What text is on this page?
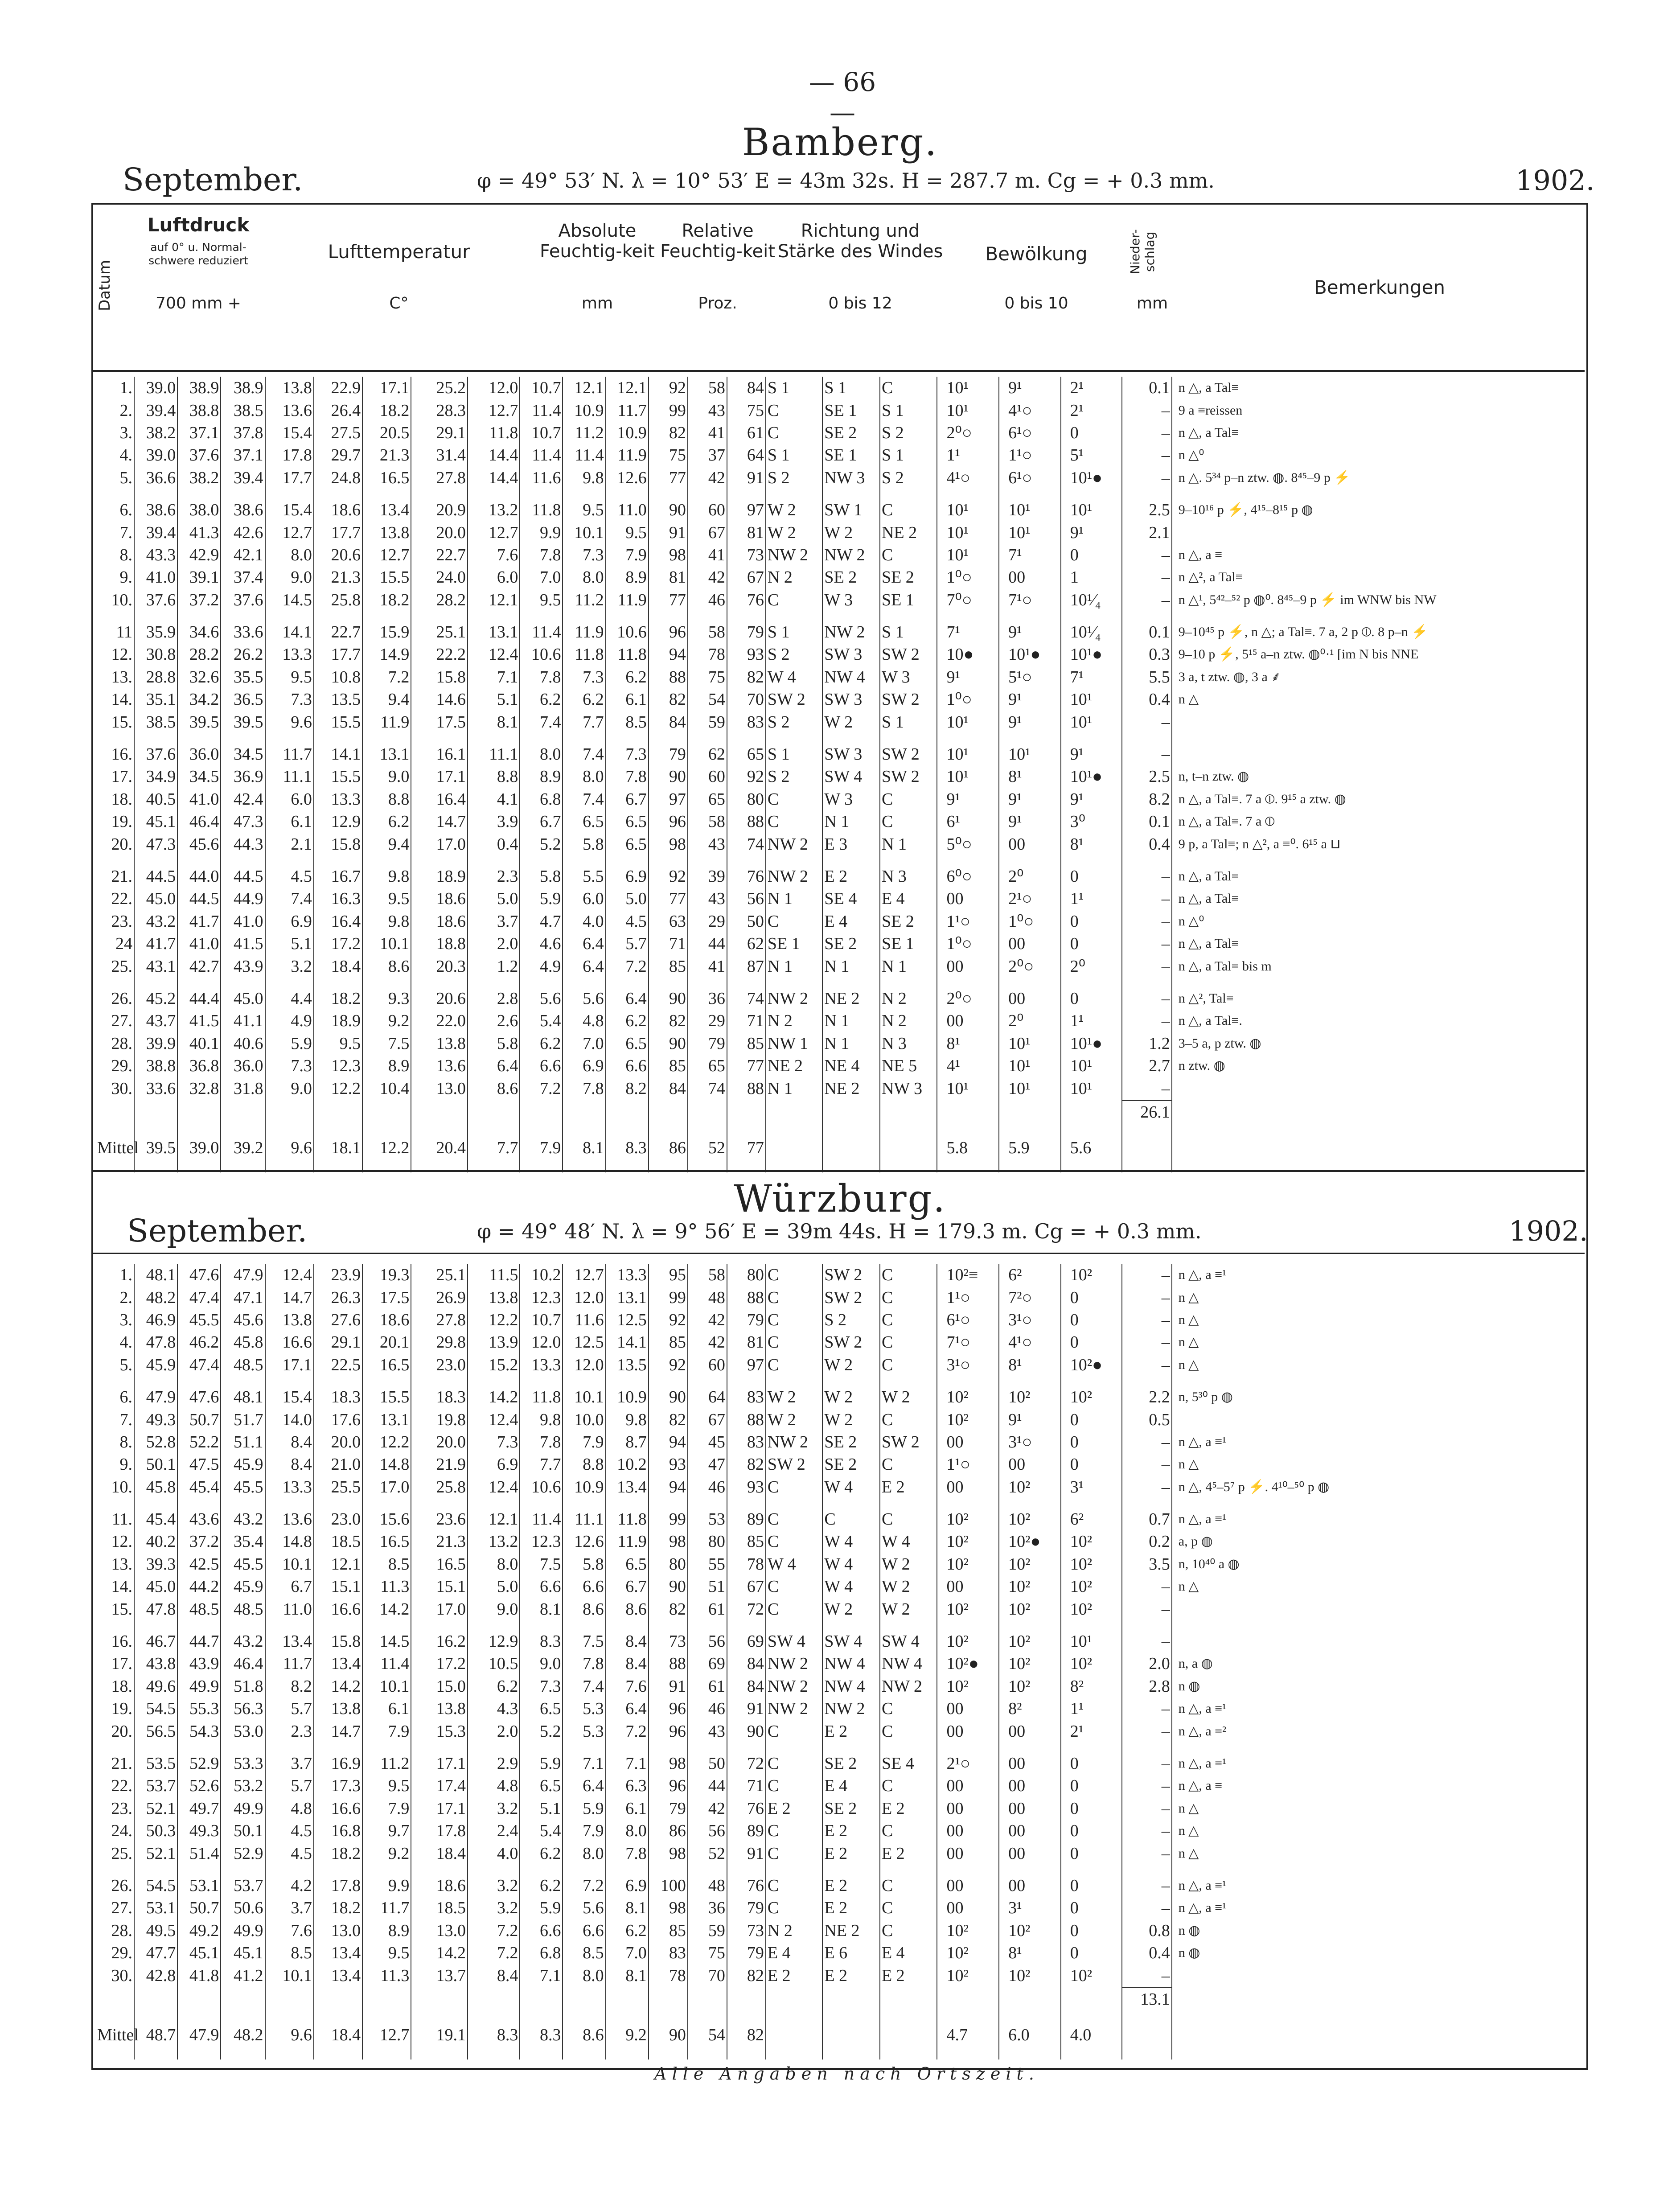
— 66 —
Bamberg.
September.	φ = 49° 53′ N. λ = 10° 53′ E = 43m 32s. H = 287.7 m. Cg = + 0.3 mm.	1902.
Datum
Luftdruck
auf 0° u. Normal-schwere reduziert
700 mm +
Lufttemperatur
C°
Absolute Feuchtig-keit
mm
Relative Feuchtig-keit
Proz.
Richtung und Stärke des Windes
0 bis 12
Bewölkung
0 bis 10
Nieder-schlag
mm
Bemerkungen
1.	39.0	38.9	38.9	13.8	22.9	17.1	25.2	12.0	10.7	12.1	12.1	92	58	84	S 1	S 1	C	10¹	9¹	2¹	0.1	n △, a Tal≡
2.	39.4	38.8	38.5	13.6	26.4	18.2	28.3	12.7	11.4	10.9	11.7	99	43	75	C	SE 1	S 1	10¹	4¹○	2¹	–	9 a ≡reissen
3.	38.2	37.1	37.8	15.4	27.5	20.5	29.1	11.8	10.7	11.2	10.9	82	41	61	C	SE 2	S 2	2⁰○	6¹○	0	–	n △, a Tal≡
4.	39.0	37.6	37.1	17.8	29.7	21.3	31.4	14.4	11.4	11.4	11.9	75	37	64	S 1	SE 1	S 1	1¹	1¹○	5¹	–	n △⁰
5.	36.6	38.2	39.4	17.7	24.8	16.5	27.8	14.4	11.6	9.8	12.6	77	42	91	S 2	NW 3	S 2	4¹○	6¹○	10¹●	–	n △. 5³⁴ p–n ztw. ◍. 8⁴⁵–9 p ⚡

6.	38.6	38.0	38.6	15.4	18.6	13.4	20.9	13.2	11.8	9.5	11.0	90	60	97	W 2	SW 1	C	10¹	10¹	10¹	2.5	9–10¹⁶ p ⚡, 4¹⁵–8¹⁵ p ◍
7.	39.4	41.3	42.6	12.7	17.7	13.8	20.0	12.7	9.9	10.1	9.5	91	67	81	W 2	W 2	NE 2	10¹	10¹	9¹	2.1	
8.	43.3	42.9	42.1	8.0	20.6	12.7	22.7	7.6	7.8	7.3	7.9	98	41	73	NW 2	NW 2	C	10¹	7¹	0	–	n △, a ≡
9.	41.0	39.1	37.4	9.0	21.3	15.5	24.0	6.0	7.0	8.0	8.9	81	42	67	N 2	SE 2	SE 2	1⁰○	00	1	–	n △², a Tal≡
10.	37.6	37.2	37.6	14.5	25.8	18.2	28.2	12.1	9.5	11.2	11.9	77	46	76	C	W 3	SE 1	7⁰○	7¹○	10¹⁄₄	–	n △¹, 5⁴²–⁵² p ◍⁰. 8⁴⁵–9 p ⚡ im WNW bis NW

11	35.9	34.6	33.6	14.1	22.7	15.9	25.1	13.1	11.4	11.9	10.6	96	58	79	S 1	NW 2	S 1	7¹	9¹	10¹⁄₄	0.1	9–10⁴⁵ p ⚡, n △; a Tal≡. 7 a, 2 p ⦶. 8 p–n ⚡
12.	30.8	28.2	26.2	13.3	17.7	14.9	22.2	12.4	10.6	11.8	11.8	94	78	93	S 2	SW 3	SW 2	10●	10¹●	10¹●	0.3	9–10 p ⚡, 5¹⁵ a–n ztw. ◍⁰·¹ [im N bis NNE
13.	28.8	32.6	35.5	9.5	10.8	7.2	15.8	7.1	7.8	7.3	6.2	88	75	82	W 4	NW 4	W 3	9¹	5¹○	7¹	5.5	3 a, t ztw. ◍, 3 a ⸙
14.	35.1	34.2	36.5	7.3	13.5	9.4	14.6	5.1	6.2	6.2	6.1	82	54	70	SW 2	SW 3	SW 2	1⁰○	9¹	10¹	0.4	n △
15.	38.5	39.5	39.5	9.6	15.5	11.9	17.5	8.1	7.4	7.7	8.5	84	59	83	S 2	W 2	S 1	10¹	9¹	10¹	–	

16.	37.6	36.0	34.5	11.7	14.1	13.1	16.1	11.1	8.0	7.4	7.3	79	62	65	S 1	SW 3	SW 2	10¹	10¹	9¹	–	
17.	34.9	34.5	36.9	11.1	15.5	9.0	17.1	8.8	8.9	8.0	7.8	90	60	92	S 2	SW 4	SW 2	10¹	8¹	10¹●	2.5	n, t–n ztw. ◍
18.	40.5	41.0	42.4	6.0	13.3	8.8	16.4	4.1	6.8	7.4	6.7	97	65	80	C	W 3	C	9¹	9¹	9¹	8.2	n △, a Tal≡. 7 a ⦶. 9¹⁵ a ztw. ◍
19.	45.1	46.4	47.3	6.1	12.9	6.2	14.7	3.9	6.7	6.5	6.5	96	58	88	C	N 1	C	6¹	9¹	3⁰	0.1	n △, a Tal≡. 7 a ⦶
20.	47.3	45.6	44.3	2.1	15.8	9.4	17.0	0.4	5.2	5.8	6.5	98	43	74	NW 2	E 3	N 1	5⁰○	00	8¹	0.4	9 p, a Tal≡; n △², a ≡⁰. 6¹⁵ a ⊔

21.	44.5	44.0	44.5	4.5	16.7	9.8	18.9	2.3	5.8	5.5	6.9	92	39	76	NW 2	E 2	N 3	6⁰○	2⁰	0	–	n △, a Tal≡
22.	45.0	44.5	44.9	7.4	16.3	9.5	18.6	5.0	5.9	6.0	5.0	77	43	56	N 1	SE 4	E 4	00	2¹○	1¹	–	n △, a Tal≡
23.	43.2	41.7	41.0	6.9	16.4	9.8	18.6	3.7	4.7	4.0	4.5	63	29	50	C	E 4	SE 2	1¹○	1⁰○	0	–	n △⁰
24	41.7	41.0	41.5	5.1	17.2	10.1	18.8	2.0	4.6	6.4	5.7	71	44	62	SE 1	SE 2	SE 1	1⁰○	00	0	–	n △, a Tal≡
25.	43.1	42.7	43.9	3.2	18.4	8.6	20.3	1.2	4.9	6.4	7.2	85	41	87	N 1	N 1	N 1	00	2⁰○	2⁰	–	n △, a Tal≡ bis m

26.	45.2	44.4	45.0	4.4	18.2	9.3	20.6	2.8	5.6	5.6	6.4	90	36	74	NW 2	NE 2	N 2	2⁰○	00	0	–	n △², Tal≡
27.	43.7	41.5	41.1	4.9	18.9	9.2	22.0	2.6	5.4	4.8	6.2	82	29	71	N 2	N 1	N 2	00	2⁰	1¹	–	n △, a Tal≡.
28.	39.9	40.1	40.6	5.9	9.5	7.5	13.8	5.8	6.2	7.0	6.5	90	79	85	NW 1	N 1	N 3	8¹	10¹	10¹●	1.2	3–5 a, p ztw. ◍
29.	38.8	36.8	36.0	7.3	12.3	8.9	13.6	6.4	6.6	6.9	6.6	85	65	77	NE 2	NE 4	NE 5	4¹	10¹	10¹	2.7	n ztw. ◍
30.	33.6	32.8	31.8	9.0	12.2	10.4	13.0	8.6	7.2	7.8	8.2	84	74	88	N 1	NE 2	NW 3	10¹	10¹	10¹	–	
																					26.1	
Mittel	39.5	39.0	39.2	9.6	18.1	12.2	20.4	7.7	7.9	8.1	8.3	86	52	77				5.8	5.9	5.6		
Würzburg.
September.	φ = 49° 48′ N. λ = 9° 56′ E = 39m 44s. H = 179.3 m. Cg = + 0.3 mm.	1902.
1.	48.1	47.6	47.9	12.4	23.9	19.3	25.1	11.5	10.2	12.7	13.3	95	58	80	C	SW 2	C	10²≡	6²	10²	–	n △, a ≡¹
2.	48.2	47.4	47.1	14.7	26.3	17.5	26.9	13.8	12.3	12.0	13.1	99	48	88	C	SW 2	C	1¹○	7²○	0	–	n △
3.	46.9	45.5	45.6	13.8	27.6	18.6	27.8	12.2	10.7	11.6	12.5	92	42	79	C	S 2	C	6¹○	3¹○	0	–	n △
4.	47.8	46.2	45.8	16.6	29.1	20.1	29.8	13.9	12.0	12.5	14.1	85	42	81	C	SW 2	C	7¹○	4¹○	0	–	n △
5.	45.9	47.4	48.5	17.1	22.5	16.5	23.0	15.2	13.3	12.0	13.5	92	60	97	C	W 2	C	3¹○	8¹	10²●	–	n △

6.	47.9	47.6	48.1	15.4	18.3	15.5	18.3	14.2	11.8	10.1	10.9	90	64	83	W 2	W 2	W 2	10²	10²	10²	2.2	n, 5³⁰ p ◍
7.	49.3	50.7	51.7	14.0	17.6	13.1	19.8	12.4	9.8	10.0	9.8	82	67	88	W 2	W 2	C	10²	9¹	0	0.5	
8.	52.8	52.2	51.1	8.4	20.0	12.2	20.0	7.3	7.8	7.9	8.7	94	45	83	NW 2	SE 2	SW 2	00	3¹○	0	–	n △, a ≡¹
9.	50.1	47.5	45.9	8.4	21.0	14.8	21.9	6.9	7.7	8.8	10.2	93	47	82	SW 2	SE 2	C	1¹○	00	0	–	n △
10.	45.8	45.4	45.5	13.3	25.5	17.0	25.8	12.4	10.6	10.9	13.4	94	46	93	C	W 4	E 2	00	10²	3¹	–	n △, 4⁵–5⁷ p ⚡. 4¹⁰–⁵⁰ p ◍

11.	45.4	43.6	43.2	13.6	23.0	15.6	23.6	12.1	11.4	11.1	11.8	99	53	89	C	C	C	10²	10²	6²	0.7	n △, a ≡¹
12.	40.2	37.2	35.4	14.8	18.5	16.5	21.3	13.2	12.3	12.6	11.9	98	80	85	C	W 4	W 4	10²	10²●	10²	0.2	a, p ◍
13.	39.3	42.5	45.5	10.1	12.1	8.5	16.5	8.0	7.5	5.8	6.5	80	55	78	W 4	W 4	W 2	10²	10²	10²	3.5	n, 10⁴⁰ a ◍
14.	45.0	44.2	45.9	6.7	15.1	11.3	15.1	5.0	6.6	6.6	6.7	90	51	67	C	W 4	W 2	00	10²	10²	–	n △
15.	47.8	48.5	48.5	11.0	16.6	14.2	17.0	9.0	8.1	8.6	8.6	82	61	72	C	W 2	W 2	10²	10²	10²	–	

16.	46.7	44.7	43.2	13.4	15.8	14.5	16.2	12.9	8.3	7.5	8.4	73	56	69	SW 4	SW 4	SW 4	10²	10²	10¹	–	
17.	43.8	43.9	46.4	11.7	13.4	11.4	17.2	10.5	9.0	7.8	8.4	88	69	84	NW 2	NW 4	NW 4	10²●	10²	10²	2.0	n, a ◍
18.	49.6	49.9	51.8	8.2	14.2	10.1	15.0	6.2	7.3	7.4	7.6	91	61	84	NW 2	NW 4	NW 2	10²	10²	8²	2.8	n ◍
19.	54.5	55.3	56.3	5.7	13.8	6.1	13.8	4.3	6.5	5.3	6.4	96	46	91	NW 2	NW 2	C	00	8²	1¹	–	n △, a ≡¹
20.	56.5	54.3	53.0	2.3	14.7	7.9	15.3	2.0	5.2	5.3	7.2	96	43	90	C	E 2	C	00	00	2¹	–	n △, a ≡²

21.	53.5	52.9	53.3	3.7	16.9	11.2	17.1	2.9	5.9	7.1	7.1	98	50	72	C	SE 2	SE 4	2¹○	00	0	–	n △, a ≡¹
22.	53.7	52.6	53.2	5.7	17.3	9.5	17.4	4.8	6.5	6.4	6.3	96	44	71	C	E 4	C	00	00	0	–	n △, a ≡
23.	52.1	49.7	49.9	4.8	16.6	7.9	17.1	3.2	5.1	5.9	6.1	79	42	76	E 2	SE 2	E 2	00	00	0	–	n △
24.	50.3	49.3	50.1	4.5	16.8	9.7	17.8	2.4	5.4	7.9	8.0	86	56	89	C	E 2	C	00	00	0	–	n △
25.	52.1	51.4	52.9	4.5	18.2	9.2	18.4	4.0	6.2	8.0	7.8	98	52	91	C	E 2	E 2	00	00	0	–	n △

26.	54.5	53.1	53.7	4.2	17.8	9.9	18.6	3.2	6.2	7.2	6.9	100	48	76	C	E 2	C	00	00	0	–	n △, a ≡¹
27.	53.1	50.7	50.6	3.7	18.2	11.7	18.5	3.2	5.9	5.6	8.1	98	36	79	C	E 2	C	00	3¹	0	–	n △, a ≡¹
28.	49.5	49.2	49.9	7.6	13.0	8.9	13.0	7.2	6.6	6.6	6.2	85	59	73	N 2	NE 2	C	10²	10²	0	0.8	n ◍
29.	47.7	45.1	45.1	8.5	13.4	9.5	14.2	7.2	6.8	8.5	7.0	83	75	79	E 4	E 6	E 4	10²	8¹	0	0.4	n ◍
30.	42.8	41.8	41.2	10.1	13.4	11.3	13.7	8.4	7.1	8.0	8.1	78	70	82	E 2	E 2	E 2	10²	10²	10²	–	
																					13.1	
Mittel	48.7	47.9	48.2	9.6	18.4	12.7	19.1	8.3	8.3	8.6	9.2	90	54	82				4.7	6.0	4.0		
Alle Angaben nach Ortszeit.
